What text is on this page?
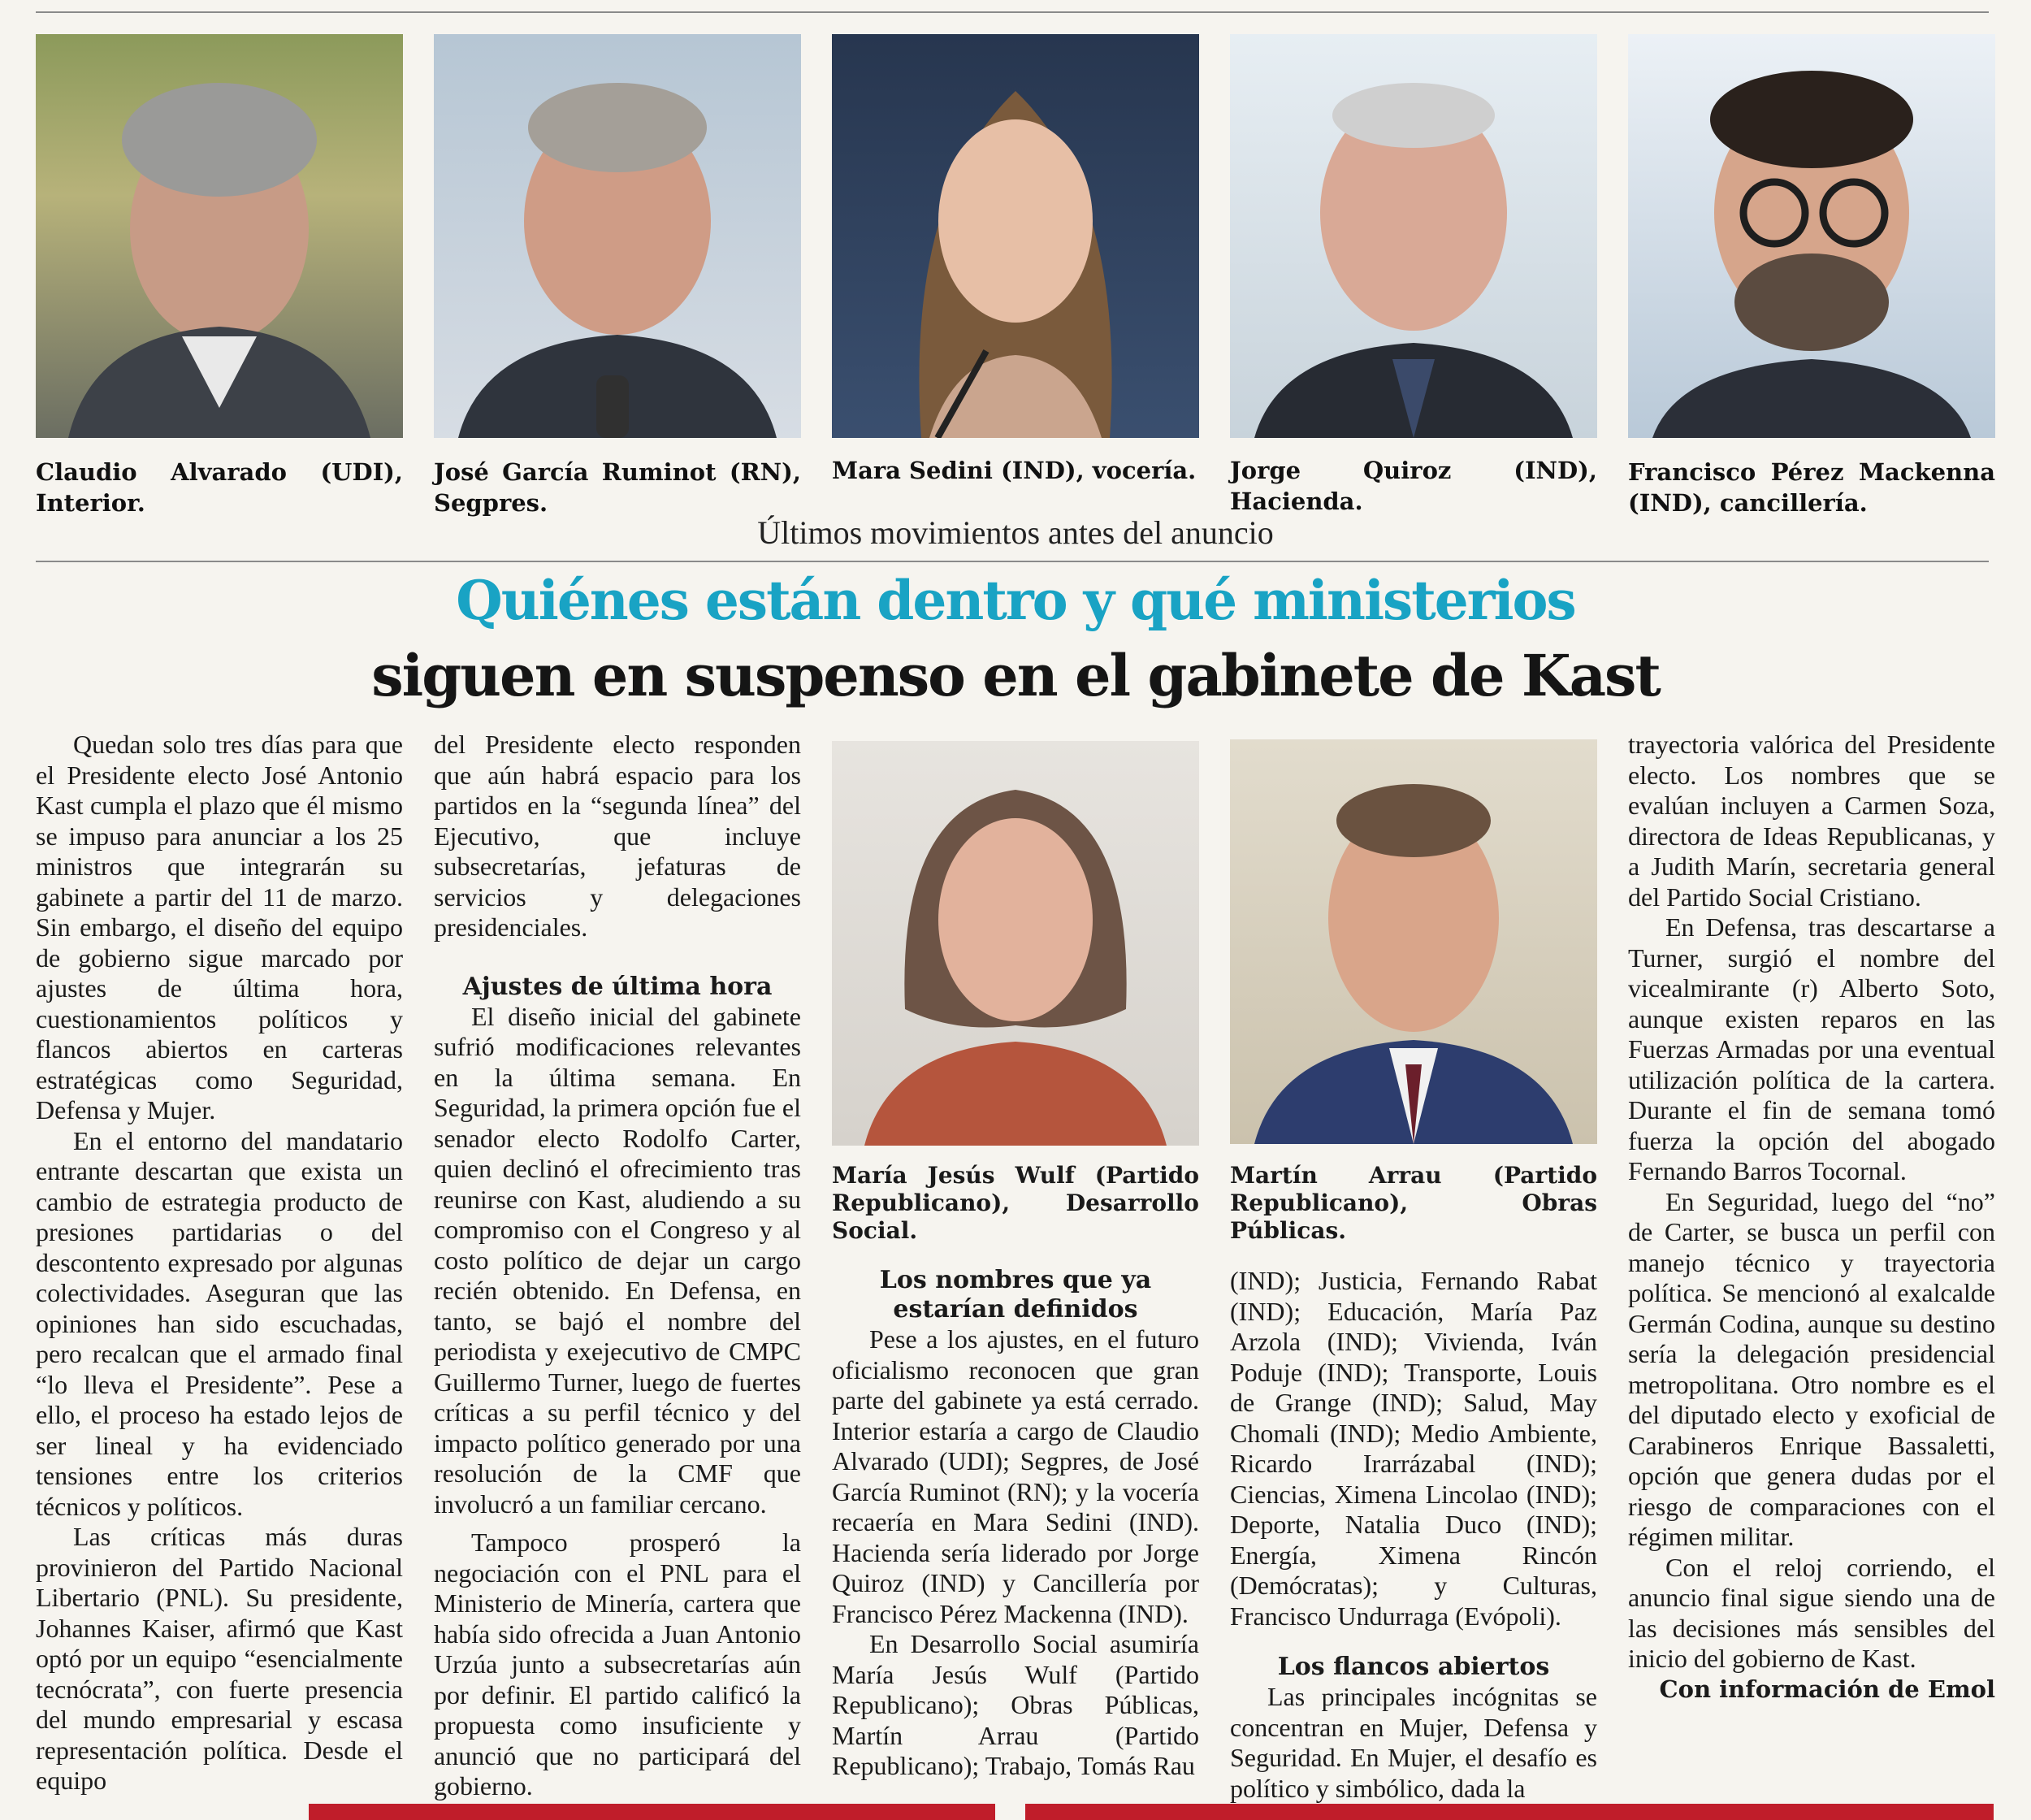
Claudio Alvarado (UDI), Interior.
José García Ruminot (RN), Segpres.
Mara Sedini (IND), vocería. Jorge Quiroz (IND), Hacienda.
Francisco Pérez Mackenna (IND), cancillería.
Últimos movimientos antes del anuncio
Quiénes están dentro y qué ministerios
siguen en suspenso en el gabinete de Kast

Quedan solo tres días para que el Presidente electo José Antonio Kast cumpla el plazo que él mismo se impuso para anunciar a los 25 ministros que integrarán su gabinete a partir del 11 de marzo. Sin embargo, el diseño del equipo de gobierno sigue marcado por ajustes de última hora, cuestionamientos políticos y flancos abiertos en carteras estratégicas como Seguridad, Defensa y Mujer.

En el entorno del mandatario entrante descartan que exista un cambio de estrategia producto de presiones partidarias o del descontento expresado por algunas colectividades. Aseguran que las opiniones han sido escuchadas, pero recalcan que el armado final “lo lleva el Presidente”. Pese a ello, el proceso ha estado lejos de ser lineal y ha evidenciado tensiones entre los criterios técnicos y políticos.

Las críticas más duras provinieron del Partido Nacional Libertario (PNL). Su presidente, Johannes Kaiser, afirmó que Kast optó por un equipo “esencialmente tecnócrata”, con fuerte presencia del mundo empresarial y escasa representación política. Desde el equipo

del Presidente electo responden que aún habrá espacio para los partidos en la “segunda línea” del Ejecutivo, que incluye subsecretarías, jefaturas de servicios y delegaciones presidenciales.

Ajustes de última hora

El diseño inicial del gabinete sufrió modificaciones relevantes en la última semana. En Seguridad, la primera opción fue el senador electo Rodolfo Carter, quien declinó el ofrecimiento tras reunirse con Kast, aludiendo a su compromiso con el Congreso y al costo político de dejar un cargo recién obtenido. En Defensa, en tanto, se bajó el nombre del periodista y exejecutivo de CMPC Guillermo Turner, luego de fuertes críticas a su perfil técnico y del impacto político generado por una resolución de la CMF que involucró a un familiar cercano.

Tampoco prosperó la negociación con el PNL para el Ministerio de Minería, cartera que había sido ofrecida a Juan Antonio Urzúa junto a subsecretarías aún por definir. El partido calificó la propuesta como insuficiente y anunció que no participará del gobierno.

María Jesús Wulf (Partido Republicano), Desarrollo Social.
Los nombres que ya estarían definidos

Pese a los ajustes, en el futuro oficialismo reconocen que gran parte del gabinete ya está cerrado. Interior estaría a cargo de Claudio Alvarado (UDI); Segpres, de José García Ruminot (RN); y la vocería recaería en Mara Sedini (IND). Hacienda sería liderado por Jorge Quiroz (IND) y Cancillería por Francisco Pérez Mackenna (IND).

En Desarrollo Social asumiría María Jesús Wulf (Partido Republicano); Obras Públicas, Martín Arrau (Partido Republicano); Trabajo, Tomás Rau

Martín Arrau (Partido Republicano), Obras Públicas.

(IND); Justicia, Fernando Rabat (IND); Educación, María Paz Arzola (IND); Vivienda, Iván Poduje (IND); Transporte, Louis de Grange (IND); Salud, May Chomali (IND); Medio Ambiente, Ricardo Irarrázabal (IND); Ciencias, Ximena Lincolao (IND); Deporte, Natalia Duco (IND); Energía, Ximena Rincón (Demócratas); y Culturas, Francisco Undurraga (Evópoli).

Los flancos abiertos

Las principales incógnitas se concentran en Mujer, Defensa y Seguridad. En Mujer, el desafío es político y simbólico, dada la

trayectoria valórica del Presidente electo. Los nombres que se evalúan incluyen a Carmen Soza, directora de Ideas Republicanas, y a Judith Marín, secretaria general del Partido Social Cristiano.

En Defensa, tras descartarse a Turner, surgió el nombre del vicealmirante (r) Alberto Soto, aunque existen reparos en las Fuerzas Armadas por una eventual utilización política de la cartera. Durante el fin de semana tomó fuerza la opción del abogado Fernando Barros Tocornal.

En Seguridad, luego del “no” de Carter, se busca un perfil con manejo técnico y trayectoria política. Se mencionó al exalcalde Germán Codina, aunque su destino sería la delegación presidencial metropolitana. Otro nombre es el del diputado electo y exoficial de Carabineros Enrique Bassaletti, opción que genera dudas por el riesgo de comparaciones con el régimen militar.

Con el reloj corriendo, el anuncio final sigue siendo una de las decisiones más sensibles del inicio del gobierno de Kast.

Con información de Emol
